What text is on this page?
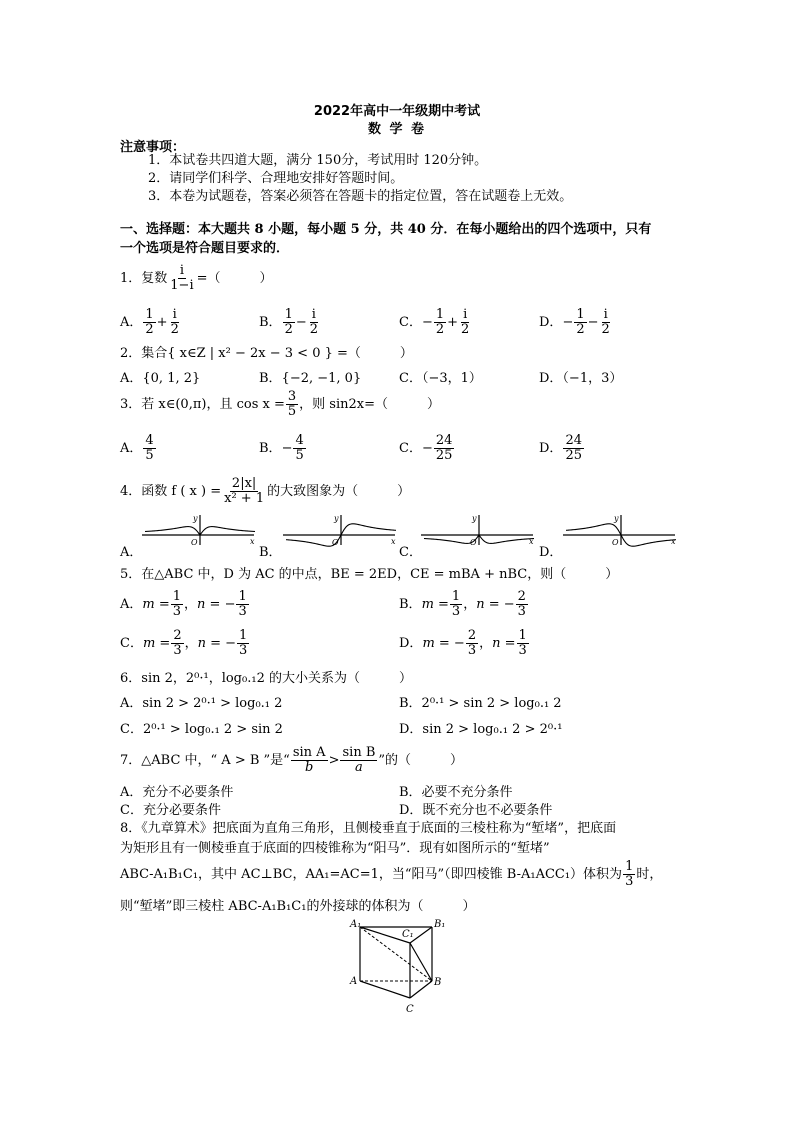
2022年高中一年级期中考试
数 学 卷
注意事项：
1．本试卷共四道大题，满分 150分，考试用时 120分钟。
2．请同学们科学、合理地安排好答题时间。
3．本卷为试题卷，答案必须答在答题卡的指定位置，答在试题卷上无效。
一、选择题：本大题共 8 小题，每小题 5 分，共 40 分．在每小题给出的四个选项中，只有
一个选项是符合题目要求的．
1．复数 $\frac{i}{1-i}$ =（　　　）
A． $\frac{1}{2} + \frac{i}{2}$	B． $\frac{1}{2} - \frac{i}{2}$	C． − $\frac{1}{2} + \frac{i}{2}$	D． − $\frac{1}{2} - \frac{i}{2}$
2．集合{ x∈Z | x² − 2x − 3 < 0 } =（　　　）
A．{0, 1, 2}	B．{−2, −1, 0}	C．（−3，1）	D．（−1，3）
3．若 x∈(0,π)，且 $\cos x = \frac{3}{5}$ ，则 sin2x=（　　　）
A． $\frac{4}{5}$	B． − $\frac{4}{5}$	C． − $\frac{24}{25}$	D． $\frac{24}{25}$
4．函数 f ( x ) = $\frac{2|x|}{\text{x² + 1}}$ 的大致图象为（　　　）
A．	B．	C．	D．
x
y
O	x
y
O	x
y
O	x
y
O
5．在△ABC 中，D 为 AC 的中点，BE = 2ED，CE = mBA + nBC，则（　　　）
A． $m = \frac{1}{3}$ ， n = − $\frac{1}{3}$	B． $m = \frac{1}{3}$ ， n = − $\frac{2}{3}$
C． $m = \frac{2}{3}$ ， n = − $\frac{1}{3}$	D． m = − $\frac{2}{3}$ ， $n = \frac{1}{3}$
6．sin 2，2⁰·¹，log₀.₁2 的大小关系为（　　　）
A．sin 2 > 2⁰·¹ > log₀.₁ 2	B．2⁰·¹ > sin 2 > log₀.₁ 2
C．2⁰·¹ > log₀.₁ 2 > sin 2	D．sin 2 > log₀.₁ 2 > 2⁰·¹
7．△ABC 中，“ A > B ”是“ $\frac{\text{sin A}}{b} > \frac{\text{sin B}}{a}$ ”的（　　　）
A．充分不必要条件	B．必要不充分条件
C．充分必要条件	D．既不充分也不必要条件
8．《九章算术》把底面为直角三角形，且侧棱垂直于底面的三棱柱称为“堑堵”，把底面
为矩形且有一侧棱垂直于底面的四棱锥称为“阳马”．现有如图所示的“堑堵”
ABC-A₁B₁C₁，其中 AC⊥BC，AA₁=AC=1，当“阳马”（即四棱锥 B-A₁ACC₁）体积为 $\frac{1}{3}$ 时，
则“堑堵”即三棱柱 ABC-A₁B₁C₁的外接球的体积为（　　　）
A₁	B₁
C₁
A	B
C
